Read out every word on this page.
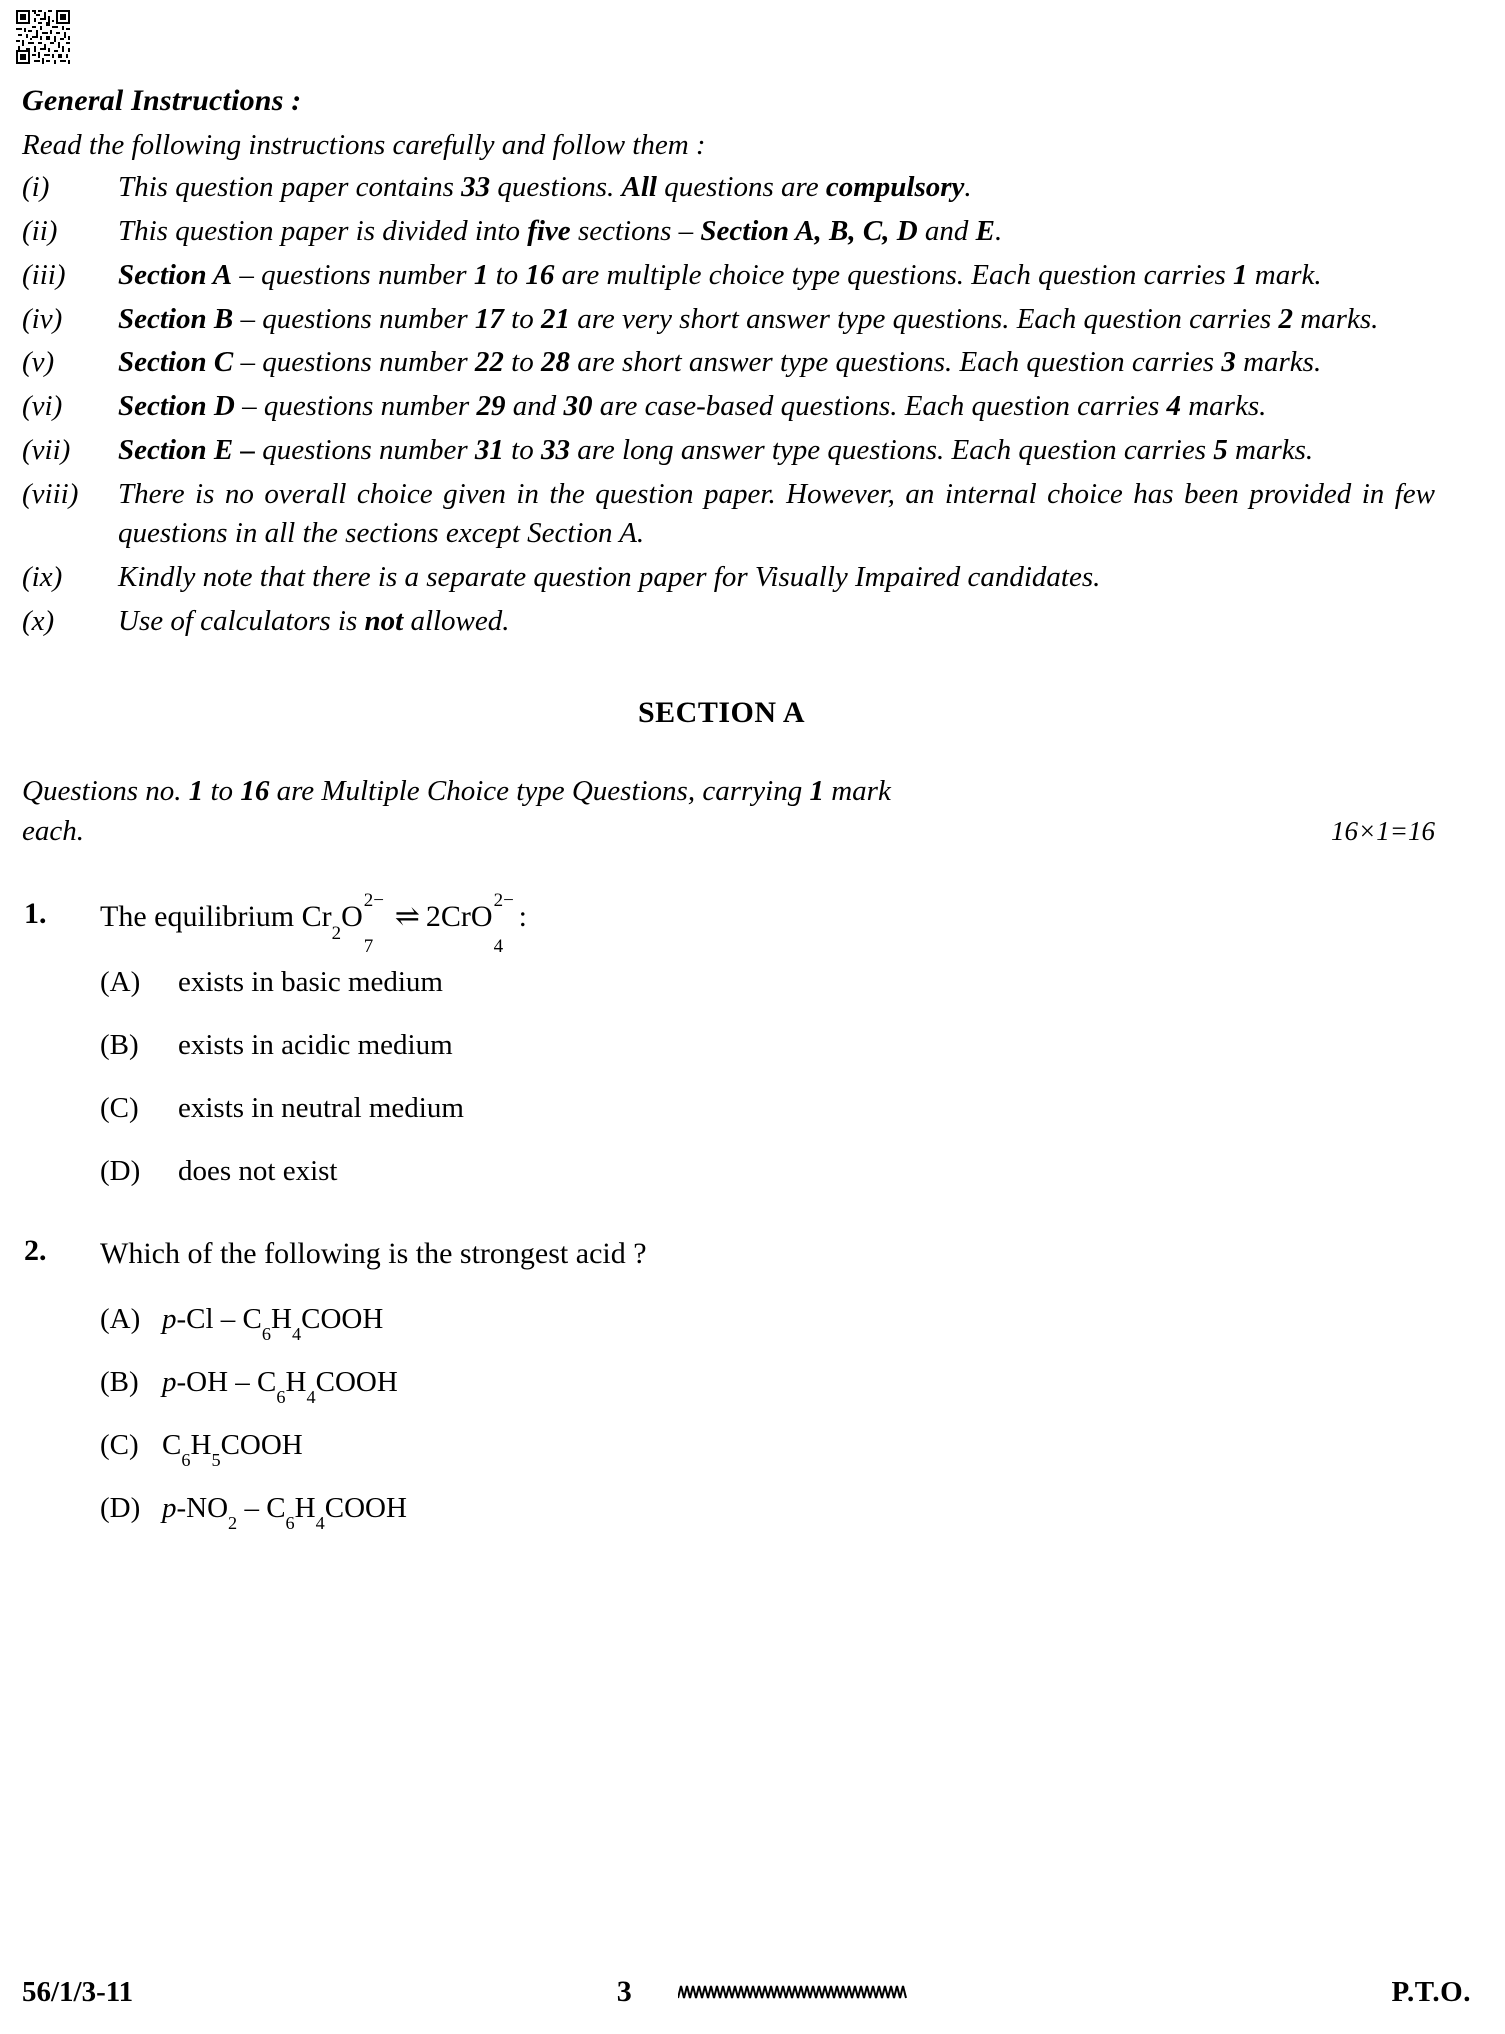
General Instructions :
Read the following instructions carefully and follow them :
(i)	This question paper contains 33 questions. All questions are compulsory.
(ii)	This question paper is divided into five sections – Section A, B, C, D and E.
(iii)	Section A – questions number 1 to 16 are multiple choice type questions. Each question carries 1 mark.
(iv)	Section B – questions number 17 to 21 are very short answer type questions. Each question carries 2 marks.
(v)	Section C – questions number 22 to 28 are short answer type questions. Each question carries 3 marks.
(vi)	Section D – questions number 29 and 30 are case-based questions. Each question carries 4 marks.
(vii)	Section E – questions number 31 to 33 are long answer type questions. Each question carries 5 marks.
(viii)	There is no overall choice given in the question paper. However, an internal choice has been provided in few questions in all the sections except Section A.
(ix)	Kindly note that there is a separate question paper for Visually Impaired candidates.
(x)	Use of calculators is not allowed.
SECTION A
Questions no. 1 to 16 are Multiple Choice type Questions, carrying 1 mark
each.	16×1=16
1.	The equilibrium $Cr_2O$ 2−
7
⇌ 2CrO 2−
4
:
(A)	exists in basic medium
(B)	exists in acidic medium
(C)	exists in neutral medium
(D)	does not exist
2.	Which of the following is the strongest acid ?
(A) $p-Cl - C_6H_4COOH$
(B) $p-OH - C_6H_4COOH$
(C) $C_6H_5COOH$
(D) $p-NO_2$ – $C_6H_4COOH$
56/1/3-11	3	P.T.O.
